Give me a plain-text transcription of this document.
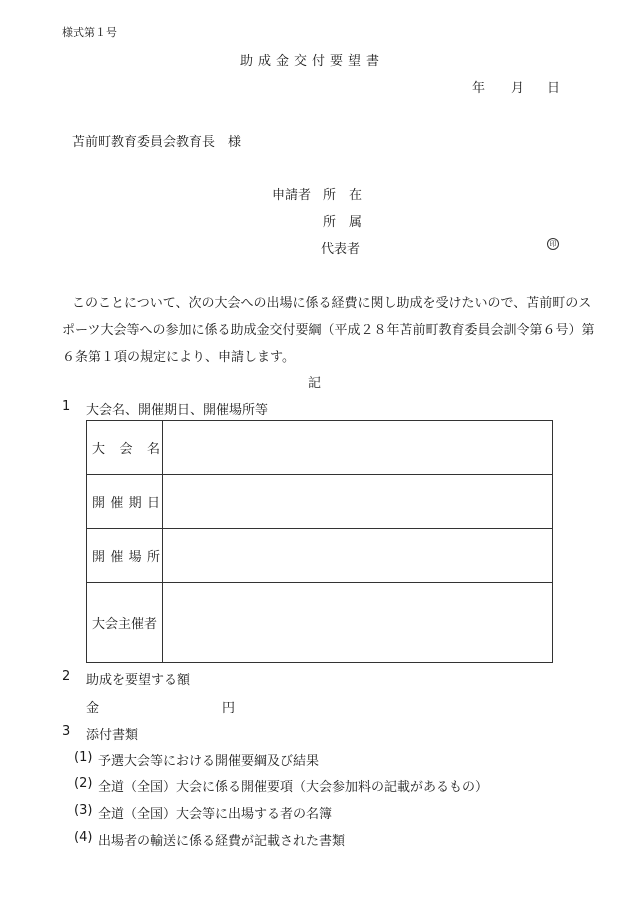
様式第１号
助成金交付要望書
年 月 日
苫前町教育委員会教育長　様
申請者 所　在
所　属
代表者	印
このことについて、次の大会への出場に係る経費に関し助成を受けたいので、苫前町のス
ポーツ大会等への参加に係る助成金交付要綱（平成２８年苫前町教育委員会訓令第６号）第
６条第１項の規定により、申請します。
記
1 大会名、開催期日、開催場所等
大 会 名	

開 催 期 日	

開 催 場 所	

大会主催者	

2 助成を要望する額
金	円
3 添付書類
(1) 予選大会等における開催要綱及び結果
(2) 全道（全国）大会に係る開催要項（大会参加料の記載があるもの）
(3) 全道（全国）大会等に出場する者の名簿
(4) 出場者の輸送に係る経費が記載された書類
